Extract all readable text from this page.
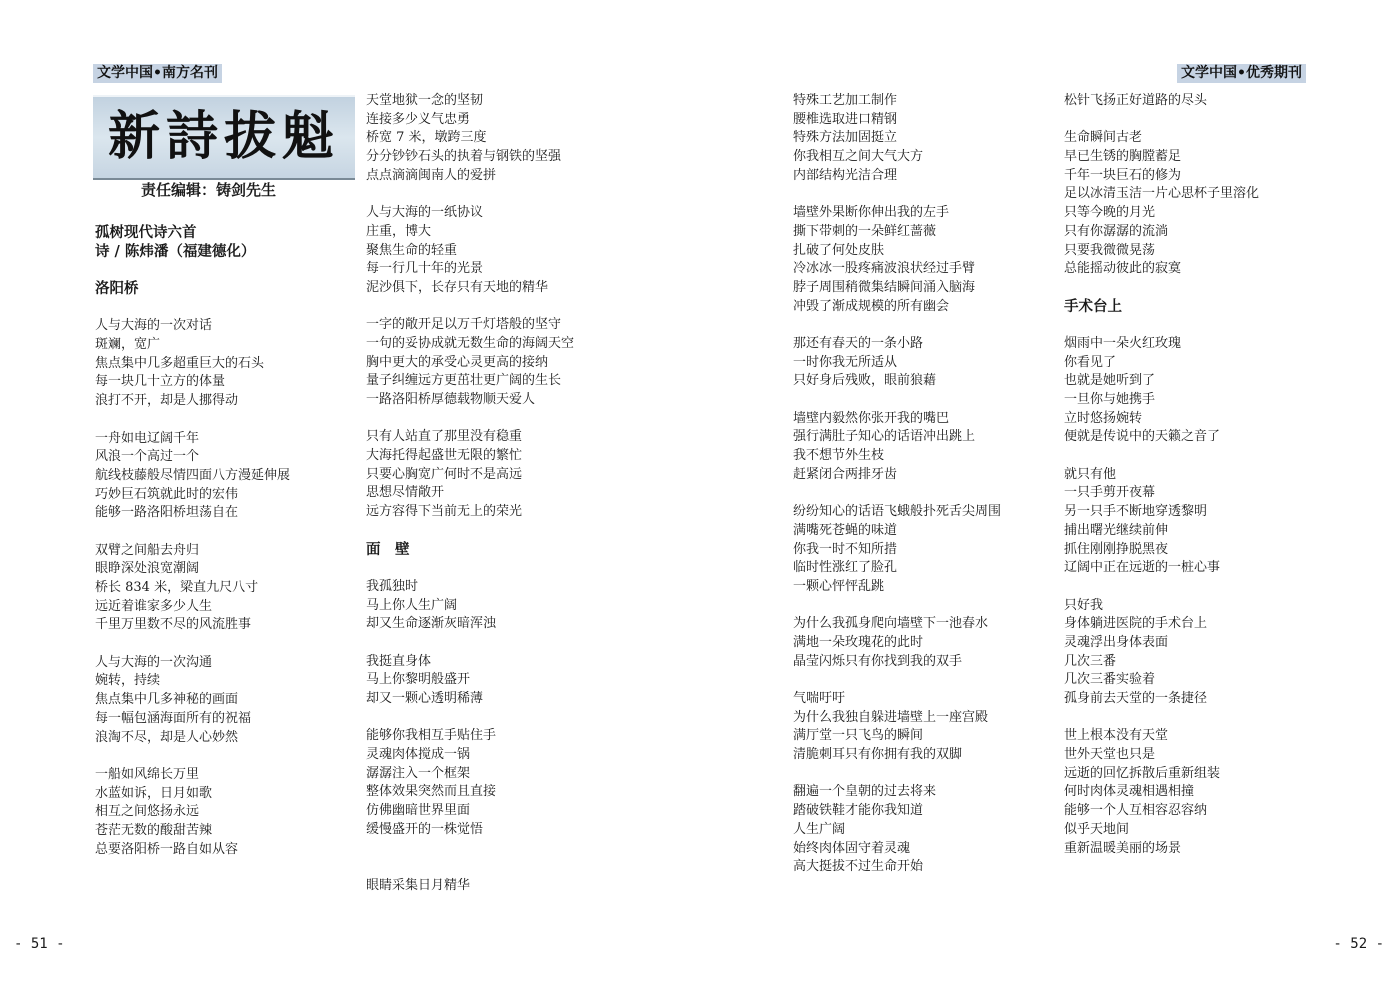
文学中国•南方名刊	文学中国•优秀期刊
新詩拔魁
责任编辑：铸剑先生
孤树现代诗六首
诗 / 陈炜潘（福建德化）
洛阳桥
人与大海的一次对话
斑斓，宽广
焦点集中几多超重巨大的石头
每一块几十立方的体量
浪打不开，却是人挪得动
一舟如电辽阔千年
风浪一个高过一个
航线枝藤般尽情四面八方漫延伸展
巧妙巨石筑就此时的宏伟
能够一路洛阳桥坦荡自在
双臂之间船去舟归
眼睁深处浪宽潮阔
桥长 834 米，梁直九尺八寸
远近着谁家多少人生
千里万里数不尽的风流胜事
人与大海的一次沟通
婉转，持续
焦点集中几多神秘的画面
每一幅包涵海面所有的祝福
浪淘不尽，却是人心妙然
一船如风绵长万里
水蓝如诉，日月如歌
相互之间悠扬永远
苍茫无数的酸甜苦辣
总要洛阳桥一路自如从容
天堂地狱一念的坚韧
连接多少义气忠勇
桥宽 7 米，墩跨三度
分分钞钞石头的执着与钢铁的坚强
点点滴滴闽南人的爱拼
人与大海的一纸协议
庄重，博大
聚焦生命的轻重
每一行几十年的光景
泥沙俱下，长存只有天地的精华
一字的敞开足以万千灯塔般的坚守
一句的妥协成就无数生命的海阔天空
胸中更大的承受心灵更高的接纳
量子纠缠远方更茁壮更广阔的生长
一路洛阳桥厚德载物顺天爱人
只有人站直了那里没有稳重
大海托得起盛世无限的繁忙
只要心胸宽广何时不是高远
思想尽情敞开
远方容得下当前无上的荣光
面　壁
我孤独时
马上你人生广阔
却又生命逐渐灰暗浑浊
我挺直身体
马上你黎明般盛开
却又一颗心透明稀薄
能够你我相互手贴住手
灵魂肉体搅成一锅
潺潺注入一个框架
整体效果突然而且直接
仿佛幽暗世界里面
缓慢盛开的一株觉悟
眼睛采集日月精华
特殊工艺加工制作
腰椎选取进口精钢
特殊方法加固挺立
你我相互之间大气大方
内部结构光洁合理
墙壁外果断你伸出我的左手
撕下带刺的一朵鲜红蔷薇
扎破了何处皮肤
冷冰冰一股疼痛波浪状经过手臂
脖子周围稍微集结瞬间涌入脑海
冲毁了渐成规模的所有幽会
那还有春天的一条小路
一时你我无所适从
只好身后残败，眼前狼藉
墙壁内毅然你张开我的嘴巴
强行满肚子知心的话语冲出跳上
我不想节外生枝
赶紧闭合两排牙齿
纷纷知心的话语飞蛾般扑死舌尖周围
满嘴死苍蝇的味道
你我一时不知所措
临时性涨红了脸孔
一颗心怦怦乱跳
为什么我孤身爬向墙壁下一池春水
满地一朵玫瑰花的此时
晶莹闪烁只有你找到我的双手
气喘吁吁
为什么我独自躲进墙壁上一座宫殿
满厅堂一只飞鸟的瞬间
清脆刺耳只有你拥有我的双脚
翻遍一个皇朝的过去将来
踏破铁鞋才能你我知道
人生广阔
始终肉体固守着灵魂
高大挺拔不过生命开始
松针飞扬正好道路的尽头
生命瞬间古老
早已生锈的胸膛蓄足
千年一块巨石的修为
足以冰清玉洁一片心思杯子里溶化
只等今晚的月光
只有你潺潺的流淌
只要我微微晃荡
总能摇动彼此的寂寞
手术台上
烟雨中一朵火红玫瑰
你看见了
也就是她听到了
一旦你与她携手
立时悠扬婉转
便就是传说中的天籁之音了
就只有他
一只手剪开夜幕
另一只手不断地穿透黎明
捕出曙光继续前伸
抓住刚刚挣脱黑夜
辽阔中正在远逝的一桩心事
只好我
身体躺进医院的手术台上
灵魂浮出身体表面
几次三番
几次三番实验着
孤身前去天堂的一条捷径
世上根本没有天堂
世外天堂也只是
远逝的回忆拆散后重新组装
何时肉体灵魂相遇相撞
能够一个人互相容忍容纳
似乎天地间
重新温暖美丽的场景
- 51 -	- 52 -
